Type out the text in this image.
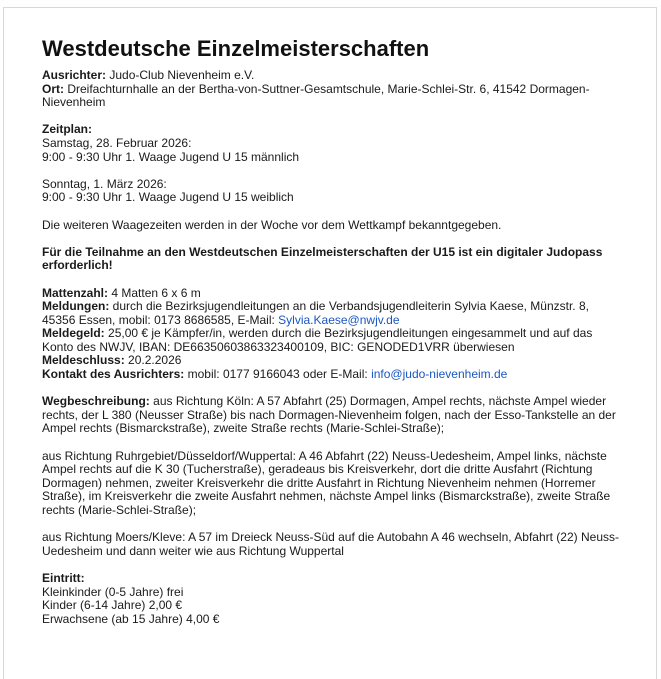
Westdeutsche Einzelmeisterschaften

Ausrichter: Judo-Club Nievenheim e.V.

Ort: Dreifachturnhalle an der Bertha-von-Suttner-Gesamtschule, Marie-Schlei-Str. 6, 41542 Dormagen-Nievenheim

Zeitplan:

Samstag, 28. Februar 2026:

9:00 - 9:30 Uhr 1. Waage Jugend U 15 männlich

Sonntag, 1. März 2026:

9:00 - 9:30 Uhr 1. Waage Jugend U 15 weiblich

Die weiteren Waagezeiten werden in der Woche vor dem Wettkampf bekanntgegeben.

Für die Teilnahme an den Westdeutschen Einzelmeisterschaften der U15 ist ein digitaler Judopass erforderlich!

Mattenzahl: 4 Matten 6 x 6 m

Meldungen: durch die Bezirksjugendleitungen an die Verbandsjugendleiterin Sylvia Kaese, Münzstr. 8, 45356 Essen, mobil: 0173 8686585, E-Mail: Sylvia.Kaese@nwjv.de

Meldegeld: 25,00 € je Kämpfer/in, werden durch die Bezirksjugendleitungen eingesammelt und auf das Konto des NWJV, IBAN: DE66350603863323400109, BIC: GENODED1VRR überwiesen

Meldeschluss: 20.2.2026

Kontakt des Ausrichters: mobil: 0177 9166043 oder E-Mail: info@judo-nievenheim.de

Wegbeschreibung: aus Richtung Köln: A 57 Abfahrt (25) Dormagen, Ampel rechts, nächste Ampel wieder rechts, der L 380 (Neusser Straße) bis nach Dormagen-Nievenheim folgen, nach der Esso-Tankstelle an der Ampel rechts (Bismarckstraße), zweite Straße rechts (Marie-Schlei-Straße);

aus Richtung Ruhrgebiet/Düsseldorf/Wuppertal: A 46 Abfahrt (22) Neuss-Uedesheim, Ampel links, nächste Ampel rechts auf die K 30 (Tucherstraße), geradeaus bis Kreisverkehr, dort die dritte Ausfahrt (Richtung Dormagen) nehmen, zweiter Kreisverkehr die dritte Ausfahrt in Richtung Nievenheim nehmen (Horremer Straße), im Kreisverkehr die zweite Ausfahrt nehmen, nächste Ampel links (Bismarckstraße), zweite Straße rechts (Marie-Schlei-Straße);

aus Richtung Moers/Kleve: A 57 im Dreieck Neuss-Süd auf die Autobahn A 46 wechseln, Abfahrt (22) Neuss-Uedesheim und dann weiter wie aus Richtung Wuppertal

Eintritt:

Kleinkinder (0-5 Jahre) frei

Kinder (6-14 Jahre) 2,00 €

Erwachsene (ab 15 Jahre) 4,00 €
